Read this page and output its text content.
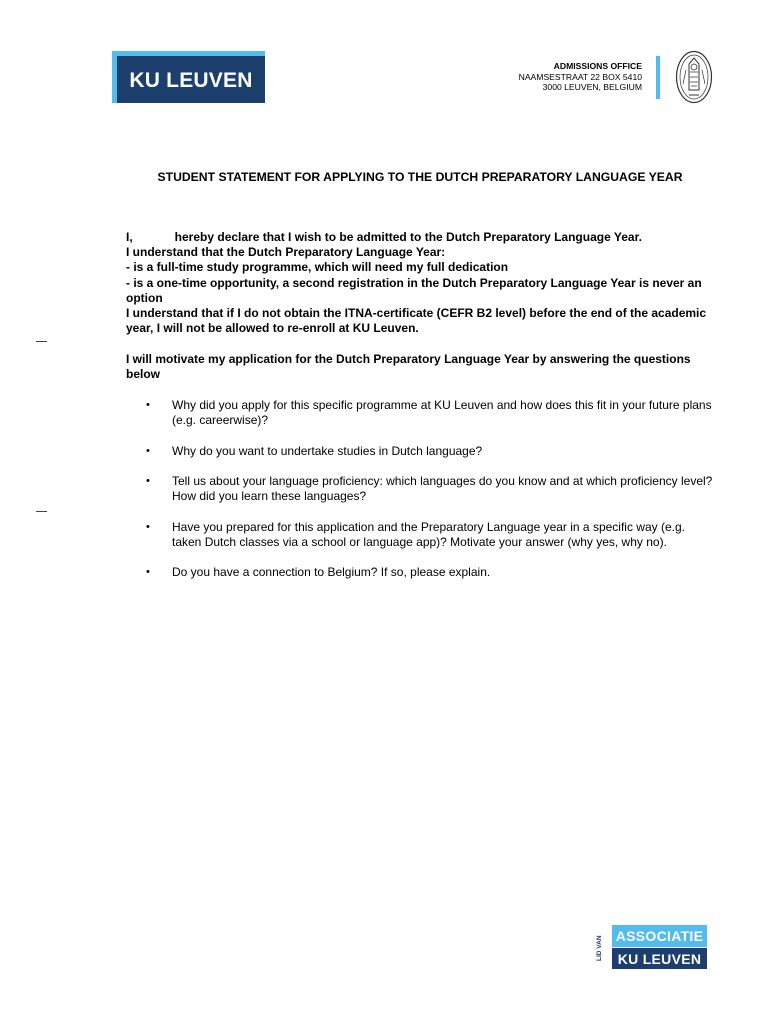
KU LEUVEN
ADMISSIONS OFFICE
NAAMSESTRAAT 22 BOX 5410
3000 LEUVEN, BELGIUM
STUDENT STATEMENT FOR APPLYING TO THE DUTCH PREPARATORY LANGUAGE YEAR

I,	hereby declare that I wish to be admitted to the Dutch Preparatory Language Year.

I understand that the Dutch Preparatory Language Year:

- is a full-time study programme, which will need my full dedication

- is a one-time opportunity, a second registration in the Dutch Preparatory Language Year is never an option

I understand that if I do not obtain the ITNA-certificate (CEFR B2 level) before the end of the academic year, I will not be allowed to re-enroll at KU Leuven.

I will motivate my application for the Dutch Preparatory Language Year by answering the questions below

• Why did you apply for this specific programme at KU Leuven and how does this fit in your future plans (e.g. careerwise)?
• Why do you want to undertake studies in Dutch language?
• Tell us about your language proficiency: which languages do you know and at which proficiency level? How did you learn these languages?
• Have you prepared for this application and the Preparatory Language year in a specific way (e.g. taken Dutch classes via a school or language app)? Motivate your answer (why yes, why no).
• Do you have a connection to Belgium? If so, please explain.
LID VAN ASSOCIATIE
KU LEUVEN
